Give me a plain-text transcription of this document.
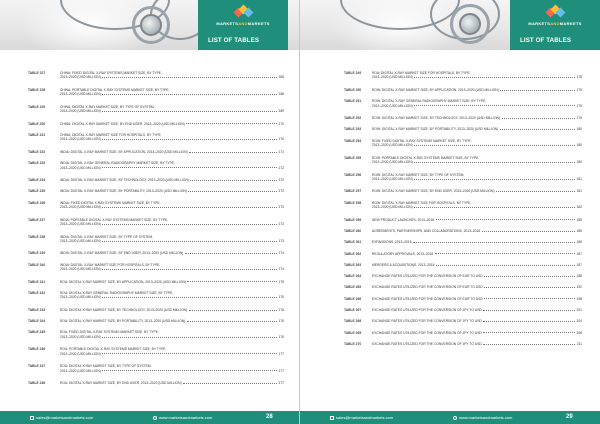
MARKETSANDMARKETS
LIST OF TABLES
TABLE 227	CHINA: FIXED DIGITAL X-RAY SYSTEMS MARKET SIZE, BY TYPE,
2013–2020 (USD MILLION)	168
TABLE 228	CHINA: PORTABLE DIGITAL X-RAY SYSTEMS MARKET SIZE, BY TYPE,
2013–2020 (USD MILLION)	168
TABLE 229	CHINA: DIGITAL X-RAY MARKET SIZE, BY TYPE OF SYSTEM,
2013–2020 (USD MILLION)	169
TABLE 230	CHINA: DIGITAL X-RAY MARKET SIZE, BY END USER, 2013–2020 (USD MILLION)	170
TABLE 231	CHINA: DIGITAL X-RAY MARKET SIZE FOR HOSPITALS, BY TYPE,
2013–2020 (USD MILLION)	170
TABLE 232	INDIA: DIGITAL X-RAY MARKET SIZE, BY APPLICATION, 2013–2020 (USD MILLION)	171
TABLE 233	INDIA: DIGITAL X-RAY GENERAL RADIOGRAPHY MARKET SIZE, BY TYPE,
2013–2020 (USD MILLION)	172
TABLE 234	INDIA: DIGITAL X-RAY MARKET SIZE, BY TECHNOLOGY, 2013–2020 (USD MILLION)	172
TABLE 235	INDIA: DIGITAL X-RAY MARKET SIZE, BY PORTABILITY, 2013–2020 (USD MILLION)	172
TABLE 236	INDIA: FIXED DIGITAL X-RAY SYSTEMS MARKET SIZE, BY TYPE,
2013–2020 (USD MILLION)	173
TABLE 237	INDIA: PORTABLE DIGITAL X-RAY SYSTEMS MARKET SIZE, BY TYPE,
2013–2020 (USD MILLION)	173
TABLE 238	INDIA: DIGITAL X-RAY MARKET SIZE, BY TYPE OF SYSTEM,
2013–2020 (USD MILLION)	173
TABLE 239	INDIA: DIGITAL X-RAY MARKET SIZE, BY END USER, 2013–2020 (USD MILLION)	174
TABLE 240	INDIA: DIGITAL X-RAY MARKET SIZE FOR HOSPITALS, BY TYPE,
2013–2020 (USD MILLION)	174
TABLE 241	ROA: DIGITAL X-RAY MARKET SIZE, BY APPLICATION, 2013–2020 (USD MILLION)	175
TABLE 242	ROA: DIGITAL X-RAY GENERAL RADIOGRAPHY MARKET SIZE, BY TYPE,
2013–2020 (USD MILLION)	175
TABLE 243	ROA: DIGITAL X-RAY MARKET SIZE, BY TECHNOLOGY, 2013–2020 (USD MILLION)	176
TABLE 244	ROA: DIGITAL X-RAY MARKET SIZE, BY PORTABILITY, 2013–2020 (USD MILLION)	176
TABLE 245	ROA: FIXED DIGITAL X-RAY SYSTEMS MARKET SIZE, BY TYPE,
2013–2020 (USD MILLION)	176
TABLE 246	ROA: PORTABLE DIGITAL X-RAY SYSTEMS MARKET SIZE, BY TYPE,
2013–2020 (USD MILLION)	177
TABLE 247	ROA: DIGITAL X-RAY MARKET SIZE, BY TYPE OF SYSTEM,
2013–2020 (USD MILLION)	177
TABLE 248	ROA: DIGITAL X-RAY MARKET SIZE, BY END USER, 2013–2020 (USD MILLION)	177
sales@marketsandmarkets.com	www.marketsandmarkets.com	28
MARKETSANDMARKETS
LIST OF TABLES
TABLE 249	ROA: DIGITAL X-RAY MARKET SIZE FOR HOSPITALS, BY TYPE,
2013–2020 (USD MILLION)	178
TABLE 250	ROW: DIGITAL X-RAY MARKET SIZE, BY APPLICATION, 2013–2020 (USD MILLION)	179
TABLE 251	ROW: DIGITAL X-RAY GENERAL RADIOGRAPHY MARKET SIZE, BY TYPE,
2013–2020 (USD MILLION)	179
TABLE 252	ROW: DIGITAL X-RAY MARKET SIZE, BY TECHNOLOGY, 2013–2020 (USD MILLION)	179
TABLE 253	ROW: DIGITAL X-RAY MARKET SIZE, BY PORTABILITY, 2013–2020 (USD MILLION)	180
TABLE 254	ROW: FIXED DIGITAL X-RAY SYSTEMS MARKET SIZE, BY TYPE,
2013–2020 (USD MILLION)	180
TABLE 255	ROW: PORTABLE DIGITAL X-RAY SYSTEMS MARKET SIZE, BY TYPE,
2013–2020 (USD MILLION)	180
TABLE 256	ROW: DIGITAL X-RAY MARKET SIZE, BY TYPE OF SYSTEM,
2013–2020 (USD MILLION)	181
TABLE 257	ROW: DIGITAL X-RAY MARKET SIZE, BY END USER, 2013–2020 (USD MILLION)	181
TABLE 258	ROW: DIGITAL X-RAY MARKET SIZE FOR HOSPITALS, BY TYPE,
2013–2020 (USD MILLION)	182
TABLE 259	NEW PRODUCT LAUNCHES, 2013–2016	185
TABLE 260	AGREEMENTS, PARTNERSHIPS, AND COLLABORATIONS, 2013–2016	185
TABLE 261	EXPANSIONS, 2013–2016	186
TABLE 262	REGULATORY APPROVALS, 2013–2016	187
TABLE 263	MERGERS & ACQUISITIONS, 2013–2016	187
TABLE 264	EXCHANGE RATES UTILIZED FOR THE CONVERSION OF EUR TO USD	188
TABLE 265	EXCHANGE RATES UTILIZED FOR THE CONVERSION OF EUR TO USD	192
TABLE 266	EXCHANGE RATES UTILIZED FOR THE CONVERSION OF EUR TO USD	198
TABLE 267	EXCHANGE RATES UTILIZED FOR THE CONVERSION OF JPY TO USD	201
TABLE 268	EXCHANGE RATES UTILIZED FOR THE CONVERSION OF JPY TO USD	204
TABLE 269	EXCHANGE RATES UTILIZED FOR THE CONVERSION OF JPY TO USD	208
TABLE 270	EXCHANGE RATES UTILIZED FOR THE CONVERSION OF JPY TO USD	211
sales@marketsandmarkets.com	www.marketsandmarkets.com	29
